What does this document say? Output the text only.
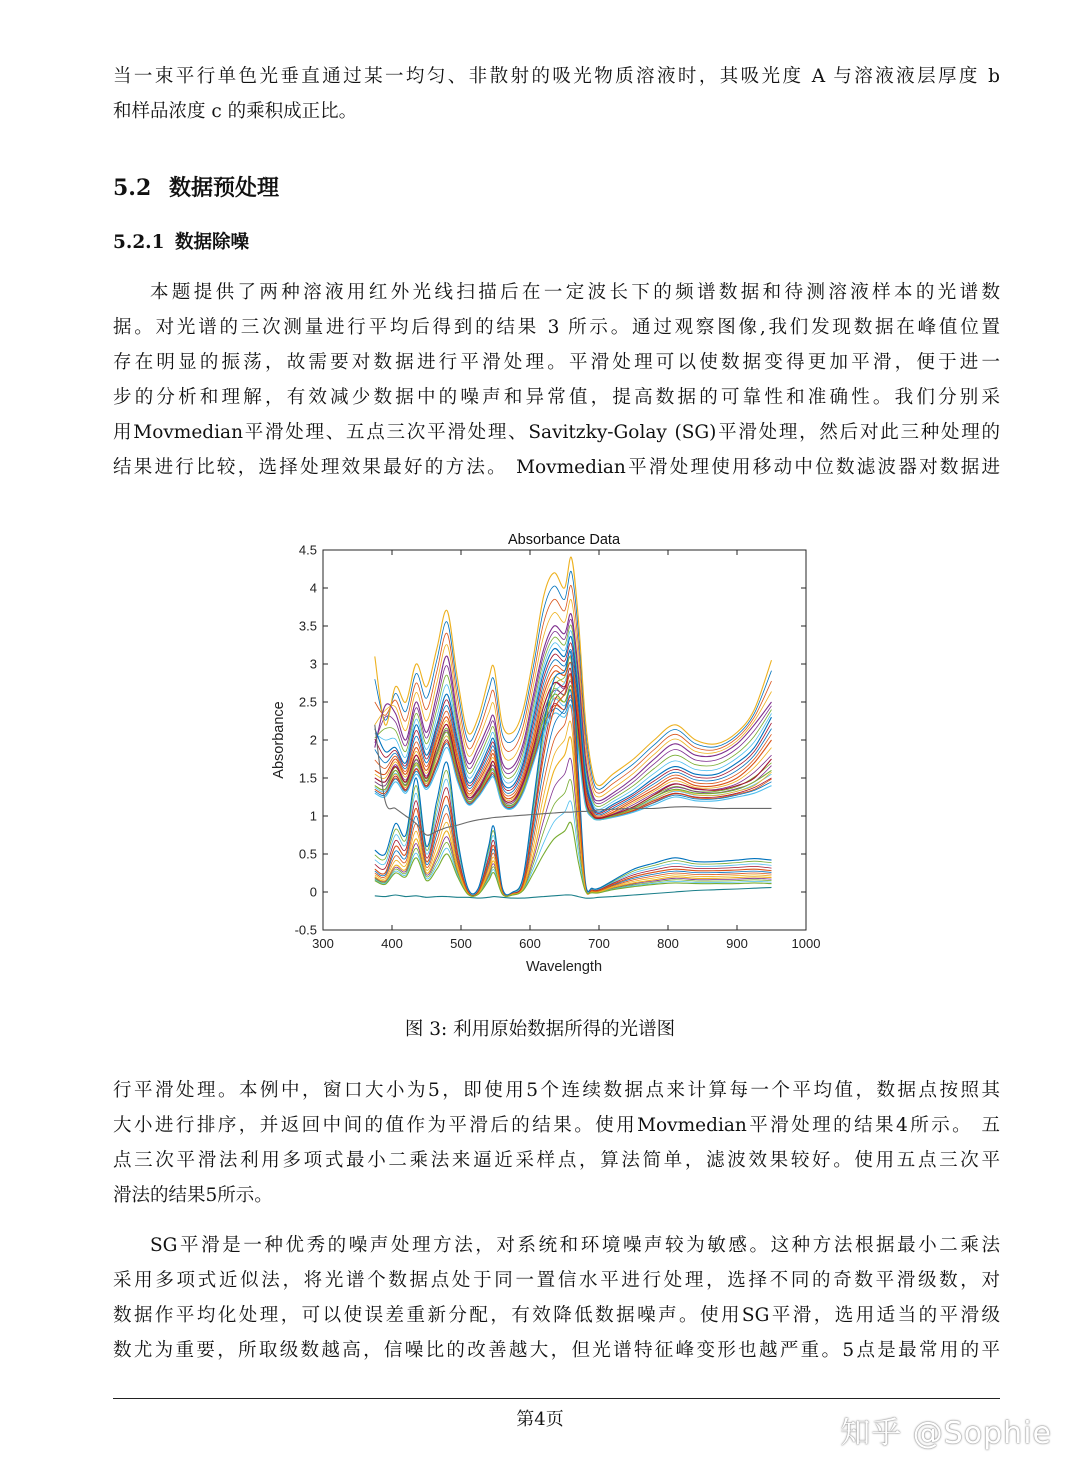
当一束平行单色光垂直通过某一均匀、非散射的吸光物质溶液时，其吸光度 A 与溶液液层厚度 b
和样品浓度 c 的乘积成正比。
5.2 数据预处理
5.2.1 数据除噪
本题提供了两种溶液用红外光线扫描后在一定波长下的频谱数据和待测溶液样本的光谱数
据。对光谱的三次测量进行平均后得到的结果 3 所示。通过观察图像,我们发现数据在峰值位置
存在明显的振荡，故需要对数据进行平滑处理。平滑处理可以使数据变得更加平滑，便于进一
步的分析和理解，有效减少数据中的噪声和异常值，提高数据的可靠性和准确性。我们分别采
用Movmedian平滑处理、五点三次平滑处理、Savitzky-Golay (SG)平滑处理，然后对此三种处理的
结果进行比较，选择处理效果最好的方法。 Movmedian平滑处理使用移动中位数滤波器对数据进
Absorbance Data
300	400	500	600	700	800	900	1000
-0.5
0
0.5
1
1.5
2
2.5
3
3.5
4
4.5
Wavelength
Absorbance
图 3: 利用原始数据所得的光谱图
行平滑处理。本例中，窗口大小为5，即使用5个连续数据点来计算每一个平均值，数据点按照其
大小进行排序，并返回中间的值作为平滑后的结果。使用Movmedian平滑处理的结果4所示。 五
点三次平滑法利用多项式最小二乘法来逼近采样点，算法简单，滤波效果较好。使用五点三次平
滑法的结果5所示。
SG平滑是一种优秀的噪声处理方法，对系统和环境噪声较为敏感。这种方法根据最小二乘法
采用多项式近似法，将光谱个数据点处于同一置信水平进行处理，选择不同的奇数平滑级数，对
数据作平均化处理，可以使误差重新分配，有效降低数据噪声。使用SG平滑，选用适当的平滑级
数尤为重要，所取级数越高，信噪比的改善越大，但光谱特征峰变形也越严重。5点是最常用的平
第4页	知乎 @Sophie
